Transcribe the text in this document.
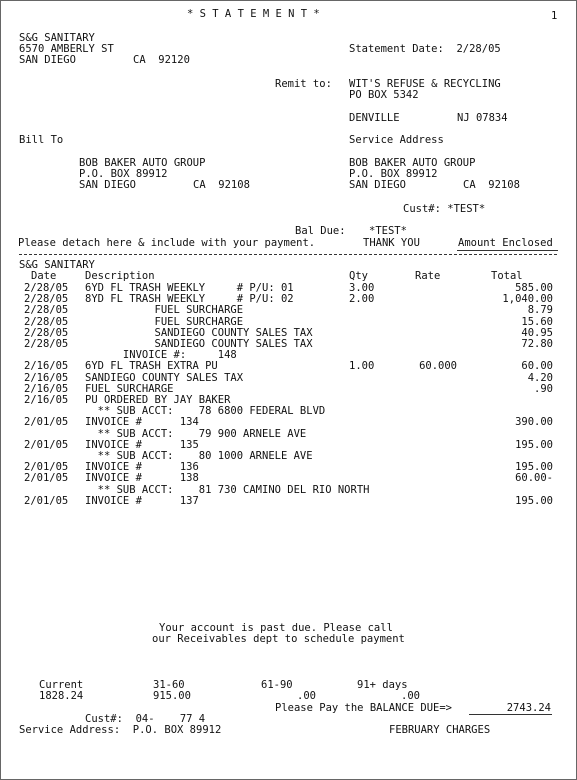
* S T A T E M E N T *	1
S&G SANITARY
6570 AMBERLY ST
SAN DIEGO	CA  92120
Statement Date:  2/28/05
Remit to: WIT'S REFUSE & RECYCLING
PO BOX 5342
DENVILLE	NJ 07834
Bill To	Service Address
BOB BAKER AUTO GROUP
P.O. BOX 89912
SAN DIEGO	CA  92108
BOB BAKER AUTO GROUP
P.O. BOX 89912
SAN DIEGO	CA  92108
Cust#: *TEST*
Bal Due: *TEST*
Please detach here & include with your payment.	THANK YOU	Amount Enclosed
S&G SANITARY
Date	Description	Qty	Rate	Total
2/28/05 6YD FL TRASH WEEKLY     # P/U: 01	3.00	585.00
2/28/05 8YD FL TRASH WEEKLY     # P/U: 02	2.00	1,040.00
2/28/05 FUEL SURCHARGE	8.79
2/28/05 FUEL SURCHARGE	15.60
2/28/05 SANDIEGO COUNTY SALES TAX	40.95
2/28/05 SANDIEGO COUNTY SALES TAX	72.80
INVOICE #:     148
2/16/05 6YD FL TRASH EXTRA PU	1.00	60.000	60.00
2/16/05 SANDIEGO COUNTY SALES TAX	4.20
2/16/05 FUEL SURCHARGE	.90
2/16/05 PU ORDERED BY JAY BAKER
** SUB ACCT:    78 6800 FEDERAL BLVD
2/01/05 INVOICE #      134	390.00
** SUB ACCT:    79 900 ARNELE AVE
2/01/05 INVOICE #      135	195.00
** SUB ACCT:    80 1000 ARNELE AVE
2/01/05 INVOICE #      136	195.00
2/01/05 INVOICE #      138	60.00-
** SUB ACCT:    81 730 CAMINO DEL RIO NORTH
2/01/05 INVOICE #      137	195.00
Your account is past due. Please call
our Receivables dept to schedule payment
Current	31-60	61-90	91+ days
1828.24	915.00	.00	.00
Please Pay the BALANCE DUE=>	2743.24
Cust#:  04-    77 4
Service Address:  P.O. BOX 89912	FEBRUARY CHARGES
